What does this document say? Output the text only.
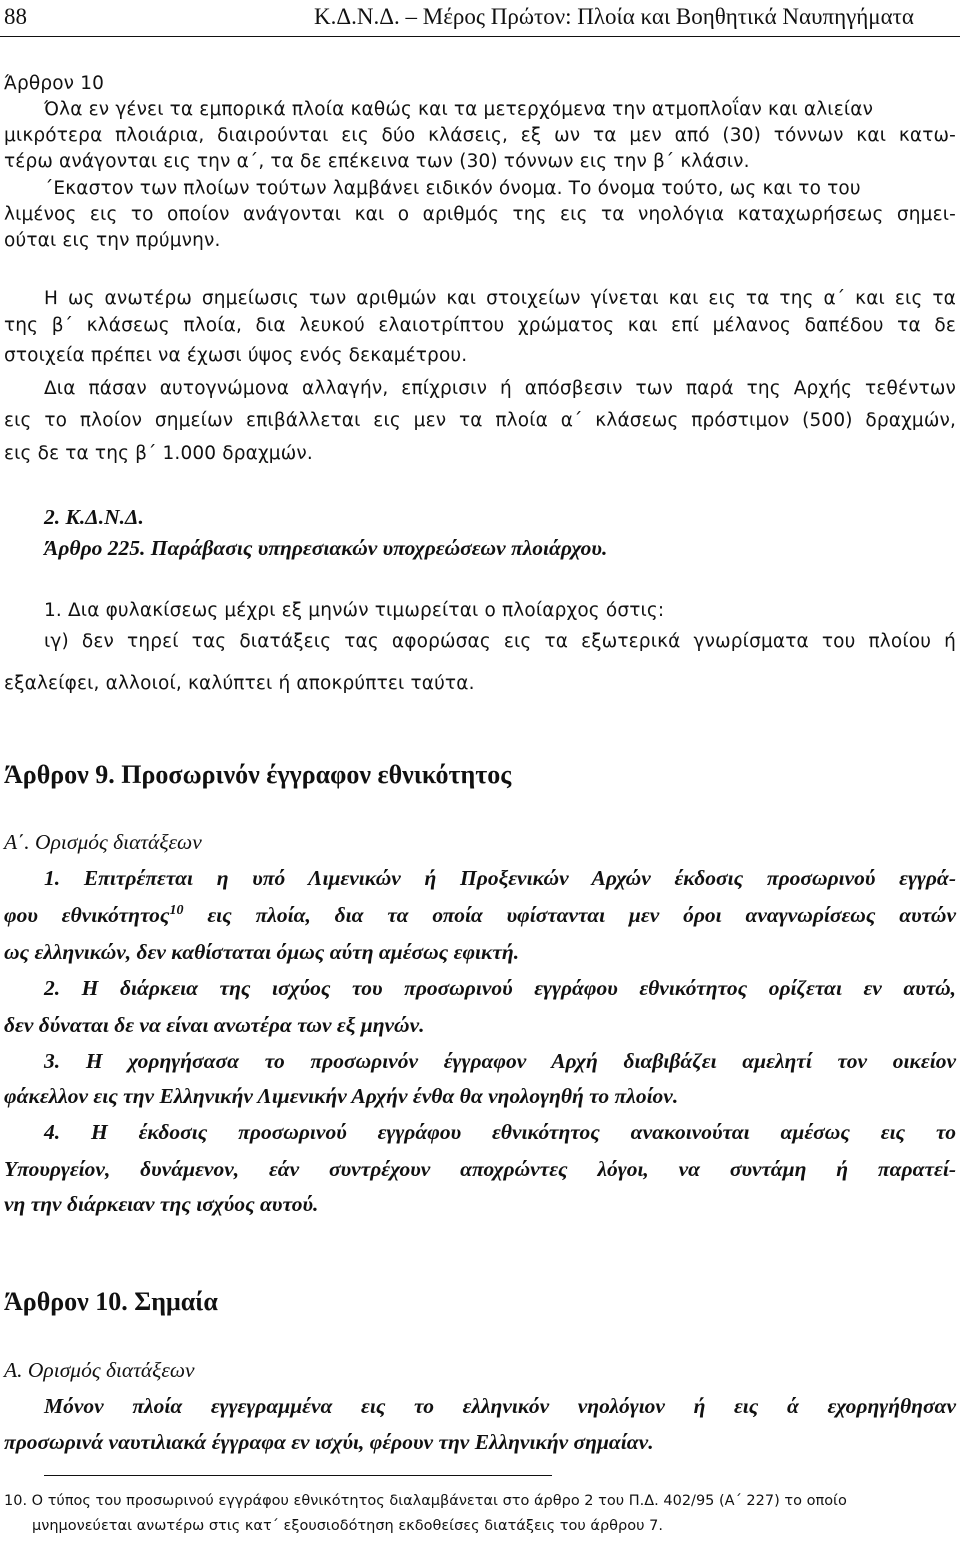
88	Κ.Δ.Ν.Δ. – Μέρος Πρώτον: Πλοία και Βοηθητικά Ναυπηγήματα
Άρθρον 10
Όλα εν γένει τα εμπορικά πλοία καθώς και τα μετερχόμενα την ατμοπλοΐαν και αλιείαν
μικρότερα πλοιάρια, διαιρούνται εις δύο κλάσεις, εξ ων τα μεν από (30) τόννων και κατω-
τέρω ανάγονται εις την α΄, τα δε επέκεινα των (30) τόννων εις την β΄ κλάσιν.
΄Εκαστον των πλοίων τούτων λαμβάνει ειδικόν όνομα. Το όνομα τούτο, ως και το του
λιμένος εις το οποίον ανάγονται και ο αριθμός της εις τα νηολόγια καταχωρήσεως σημει-
ούται εις την πρύμνην.
Η ως ανωτέρω σημείωσις των αριθμών και στοιχείων γίνεται και εις τα της α΄ και εις τα
της β΄ κλάσεως πλοία, δια λευκού ελαιοτρίπτου χρώματος και επί μέλανος δαπέδου τα δε
στοιχεία πρέπει να έχωσι ύψος ενός δεκαμέτρου.
Δια πάσαν αυτογνώμονα αλλαγήν, επίχρισιν ή απόσβεσιν των παρά της Αρχής τεθέντων
εις το πλοίον σημείων επιβάλλεται εις μεν τα πλοία α΄ κλάσεως πρόστιμον (500) δραχμών,
εις δε τα της β΄ 1.000 δραχμών.
2. Κ.Δ.Ν.Δ.
Άρθρο 225. Παράβασις υπηρεσιακών υποχρεώσεων πλοιάρχου.
1. Δια φυλακίσεως μέχρι εξ μηνών τιμωρείται ο πλοίαρχος όστις:
ιγ) δεν τηρεί τας διατάξεις τας αφορώσας εις τα εξωτερικά γνωρίσματα του πλοίου ή
εξαλείφει, αλλοιοί, καλύπτει ή αποκρύπτει ταύτα.
Άρθρον 9. Προσωρινόν έγγραφον εθνικότητος
Α΄. Ορισμός διατάξεων
1. Επιτρέπεται η υπό Λιμενικών ή Προξενικών Αρχών έκδοσις προσωρινού εγγρά-
φου εθνικότητος$^{10}$ εις πλοία, δια τα οποία υφίστανται μεν όροι αναγνωρίσεως αυτών
ως ελληνικών, δεν καθίσταται όμως αύτη αμέσως εφικτή.
2. Η διάρκεια της ισχύος του προσωρινού εγγράφου εθνικότητος ορίζεται εν αυτώ,
δεν δύναται δε να είναι ανωτέρα των εξ μηνών.
3. Η χορηγήσασα το προσωρινόν έγγραφον Αρχή διαβιβάζει αμελητί τον οικείον
φάκελλον εις την Ελληνικήν Λιμενικήν Αρχήν ένθα θα νηολογηθή το πλοίον.
4. Η έκδοσις προσωρινού εγγράφου εθνικότητος ανακοινούται αμέσως εις το
Υπουργείον, δυνάμενον, εάν συντρέχουν αποχρώντες λόγοι, να συντάμη ή παρατεί-
νη την διάρκειαν της ισχύος αυτού.
Άρθρον 10. Σημαία
Α. Ορισμός διατάξεων
Μόνον πλοία εγγεγραμμένα εις το ελληνικόν νηολόγιον ή εις ά εχορηγήθησαν
προσωρινά ναυτιλιακά έγγραφα εν ισχύι, φέρουν την Ελληνικήν σημαίαν.
10. Ο τύπος του προσωρινού εγγράφου εθνικότητος διαλαμβάνεται στο άρθρο 2 του Π.Δ. 402/95 (Α΄ 227) το οποίο
μνημονεύεται ανωτέρω στις κατ΄ εξουσιοδότηση εκδοθείσες διατάξεις του άρθρου 7.
